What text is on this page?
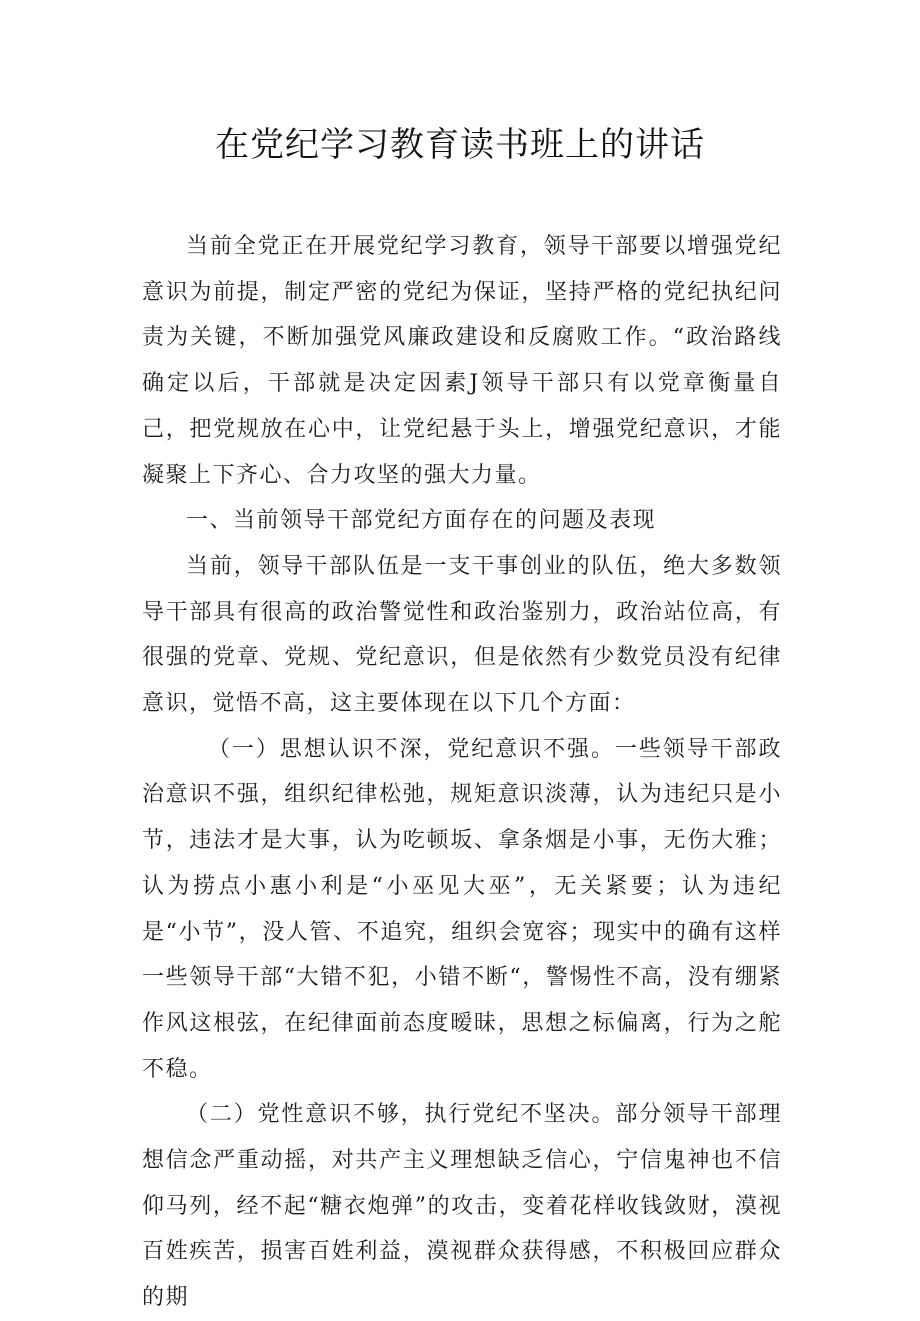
在党纪学习教育读书班上的讲话

当前全党正在开展党纪学习教育，领导干部要以增强党纪意识为前提，制定严密的党纪为保证，坚持严格的党纪执纪问责为关键，不断加强党风廉政建设和反腐败工作。“政治路线确定以后，干部就是决定因素J领导干部只有以党章衡量自己，把党规放在心中，让党纪悬于头上，增强党纪意识，才能凝聚上下齐心、合力攻坚的强大力量。

一、当前领导干部党纪方面存在的问题及表现

当前，领导干部队伍是一支干事创业的队伍，绝大多数领导干部具有很高的政治警觉性和政治鉴别力，政治站位高，有很强的党章、党规、党纪意识，但是依然有少数党员没有纪律意识，觉悟不高，这主要体现在以下几个方面：

（一）思想认识不深，党纪意识不强。一些领导干部政治意识不强，组织纪律松弛，规矩意识淡薄，认为违纪只是小节，违法才是大事，认为吃顿坂、拿条烟是小事，无伤大雅；认为捞点小惠小利是“小巫见大巫”，无关紧要；认为违纪是“小节”，没人管、不追究，组织会宽容；现实中的确有这样一些领导干部“大错不犯，小错不断“，警惕性不高，没有绷紧作风这根弦，在纪律面前态度暧昧，思想之标偏离，行为之舵不稳。

（二）党性意识不够，执行党纪不坚决。部分领导干部理想信念严重动摇，对共产主义理想缺乏信心，宁信鬼神也不信仰马列，经不起“糖衣炮弹”的攻击，变着花样收钱敛财，漠视百姓疾苦，损害百姓利益，漠视群众获得感，不积极回应群众的期
